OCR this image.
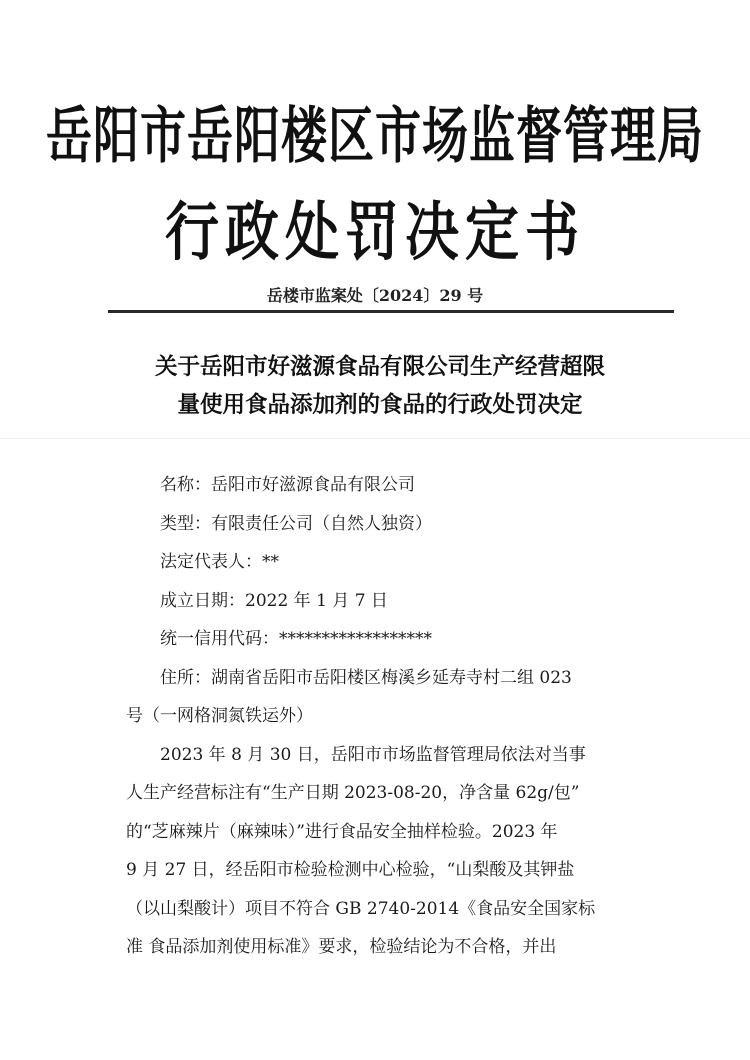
岳阳市岳阳楼区市场监督管理局
行政处罚决定书
岳楼市监案处〔2024〕29 号
关于岳阳市好滋源食品有限公司生产经营超限
量使用食品添加剂的食品的行政处罚决定

名称：岳阳市好滋源食品有限公司

类型：有限责任公司（自然人独资）

法定代表人：**

成立日期：2022 年 1 月 7 日

统一信用代码：******************

住所：湖南省岳阳市岳阳楼区梅溪乡延寿寺村二组 023

号（一网格洞氮铁运外）

2023 年 8 月 30 日，岳阳市市场监督管理局依法对当事

人生产经营标注有“生产日期 2023-08-20，净含量 62g/包”

的“芝麻辣片（麻辣味）”进行食品安全抽样检验。2023 年

9 月 27 日，经岳阳市检验检测中心检验，“山梨酸及其钾盐

（以山梨酸计）项目不符合 GB 2740-2014《食品安全国家标

准 食品添加剂使用标准》要求，检验结论为不合格，并出
